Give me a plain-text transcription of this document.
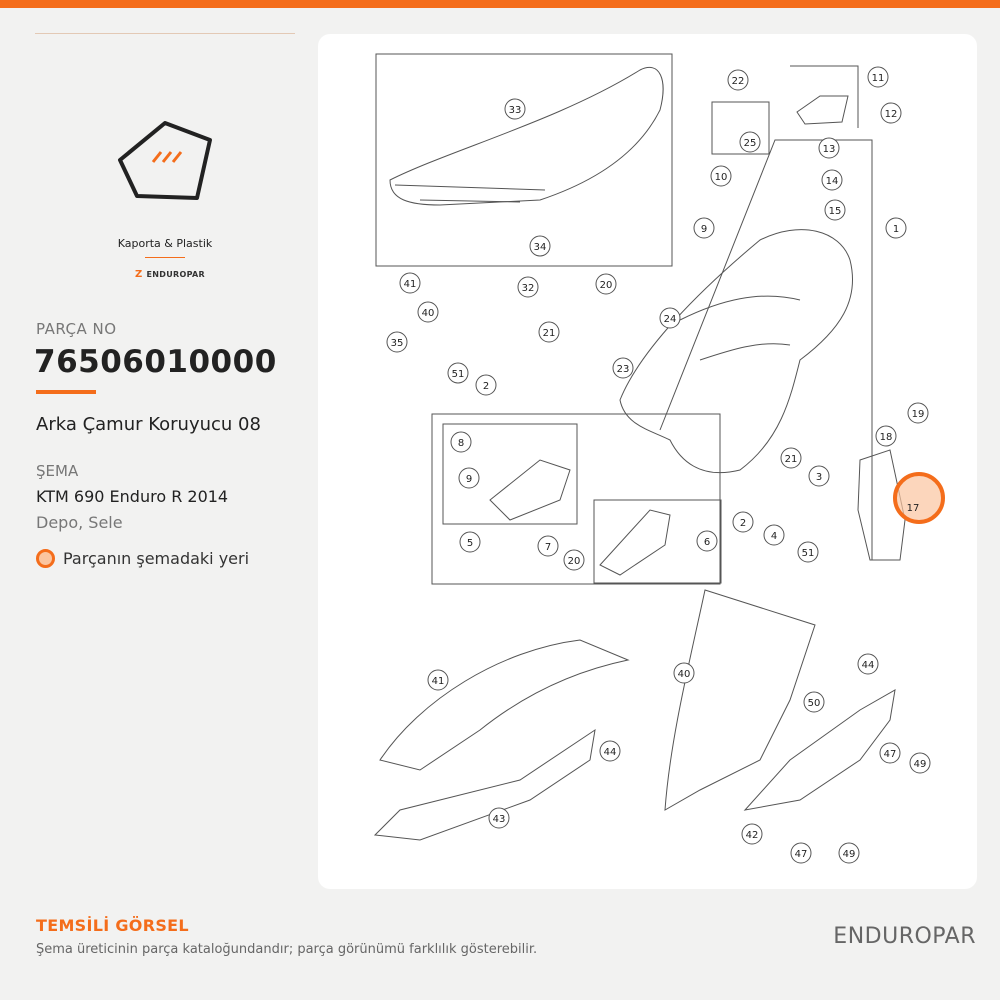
Kaporta & Plastik
Z ENDUROPAR
PARÇA NO
76506010000
Arka Çamur Koruyucu 08
ŞEMA
KTM 690 Enduro R 2014
Depo, Sele
Parçanın şemadaki yeri
33
34
32
22
25
11
12
13
14
15
1
10
9
20
41
40
35
21
24
23
51
2
19
18
21
3
8
9
2
4
5	7	6
20
51
41
40
44
50
44	47
49
43
42
47	49
17
TEMSİLİ GÖRSEL
Şema üreticinin parça kataloğundandır; parça görünümü farklılık gösterebilir.
ENDUROPAR
